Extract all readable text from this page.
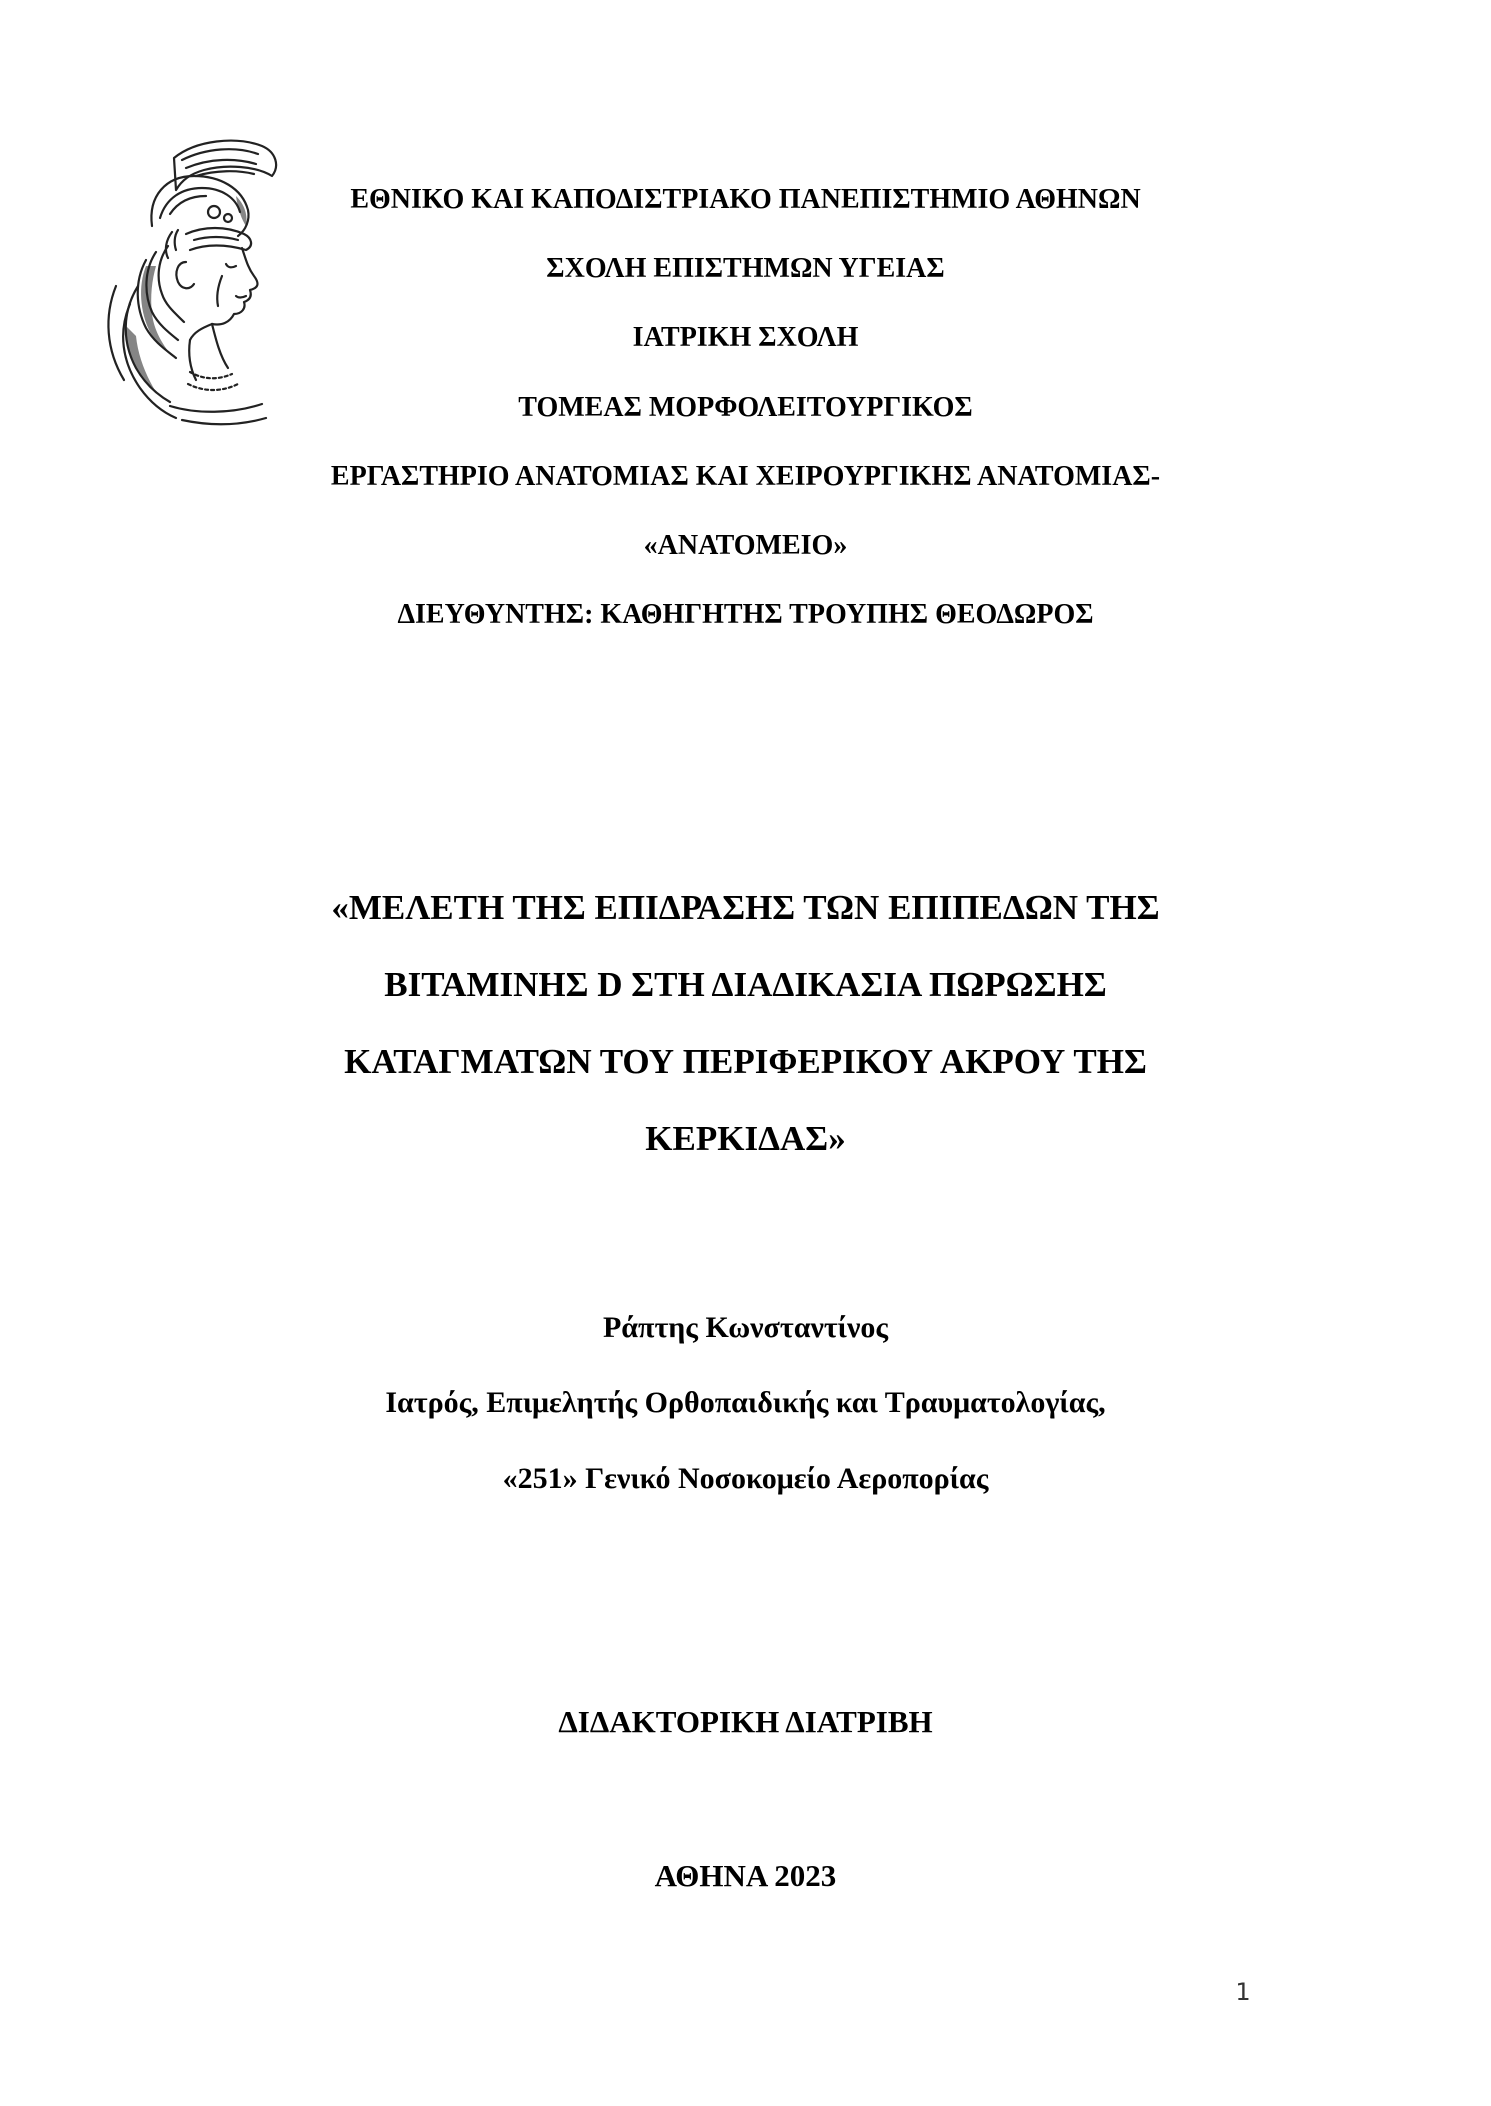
ΕΘΝΙΚΟ ΚΑΙ ΚΑΠΟΔΙΣΤΡΙΑΚΟ ΠΑΝΕΠΙΣΤΗΜΙΟ ΑΘΗΝΩΝ
ΣΧΟΛΗ ΕΠΙΣΤΗΜΩΝ ΥΓΕΙΑΣ
ΙΑΤΡΙΚΗ ΣΧΟΛΗ
ΤΟΜΕΑΣ ΜΟΡΦΟΛΕΙΤΟΥΡΓΙΚΟΣ
ΕΡΓΑΣΤΗΡΙΟ ΑΝΑΤΟΜΙΑΣ ΚΑΙ ΧΕΙΡΟΥΡΓΙΚΗΣ ΑΝΑΤΟΜΙΑΣ-
«ΑΝΑΤΟΜΕΙΟ»
ΔΙΕΥΘΥΝΤΗΣ: ΚΑΘΗΓΗΤΗΣ ΤΡΟΥΠΗΣ ΘΕΟΔΩΡΟΣ
«ΜΕΛΕΤΗ ΤΗΣ ΕΠΙΔΡΑΣΗΣ ΤΩΝ ΕΠΙΠΕΔΩΝ ΤΗΣ
ΒΙΤΑΜΙΝΗΣ D ΣΤΗ ΔΙΑΔΙΚΑΣΙΑ ΠΩΡΩΣΗΣ
ΚΑΤΑΓΜΑΤΩΝ ΤΟΥ ΠΕΡΙΦΕΡΙΚΟΥ ΑΚΡΟΥ ΤΗΣ
ΚΕΡΚΙΔΑΣ»
Ράπτης Κωνσταντίνος
Ιατρός, Επιμελητής Ορθοπαιδικής και Τραυματολογίας,
«251» Γενικό Νοσοκομείο Αεροπορίας
ΔΙΔΑΚΤΟΡΙΚΗ ΔΙΑΤΡΙΒΗ
ΑΘΗΝΑ 2023
1
